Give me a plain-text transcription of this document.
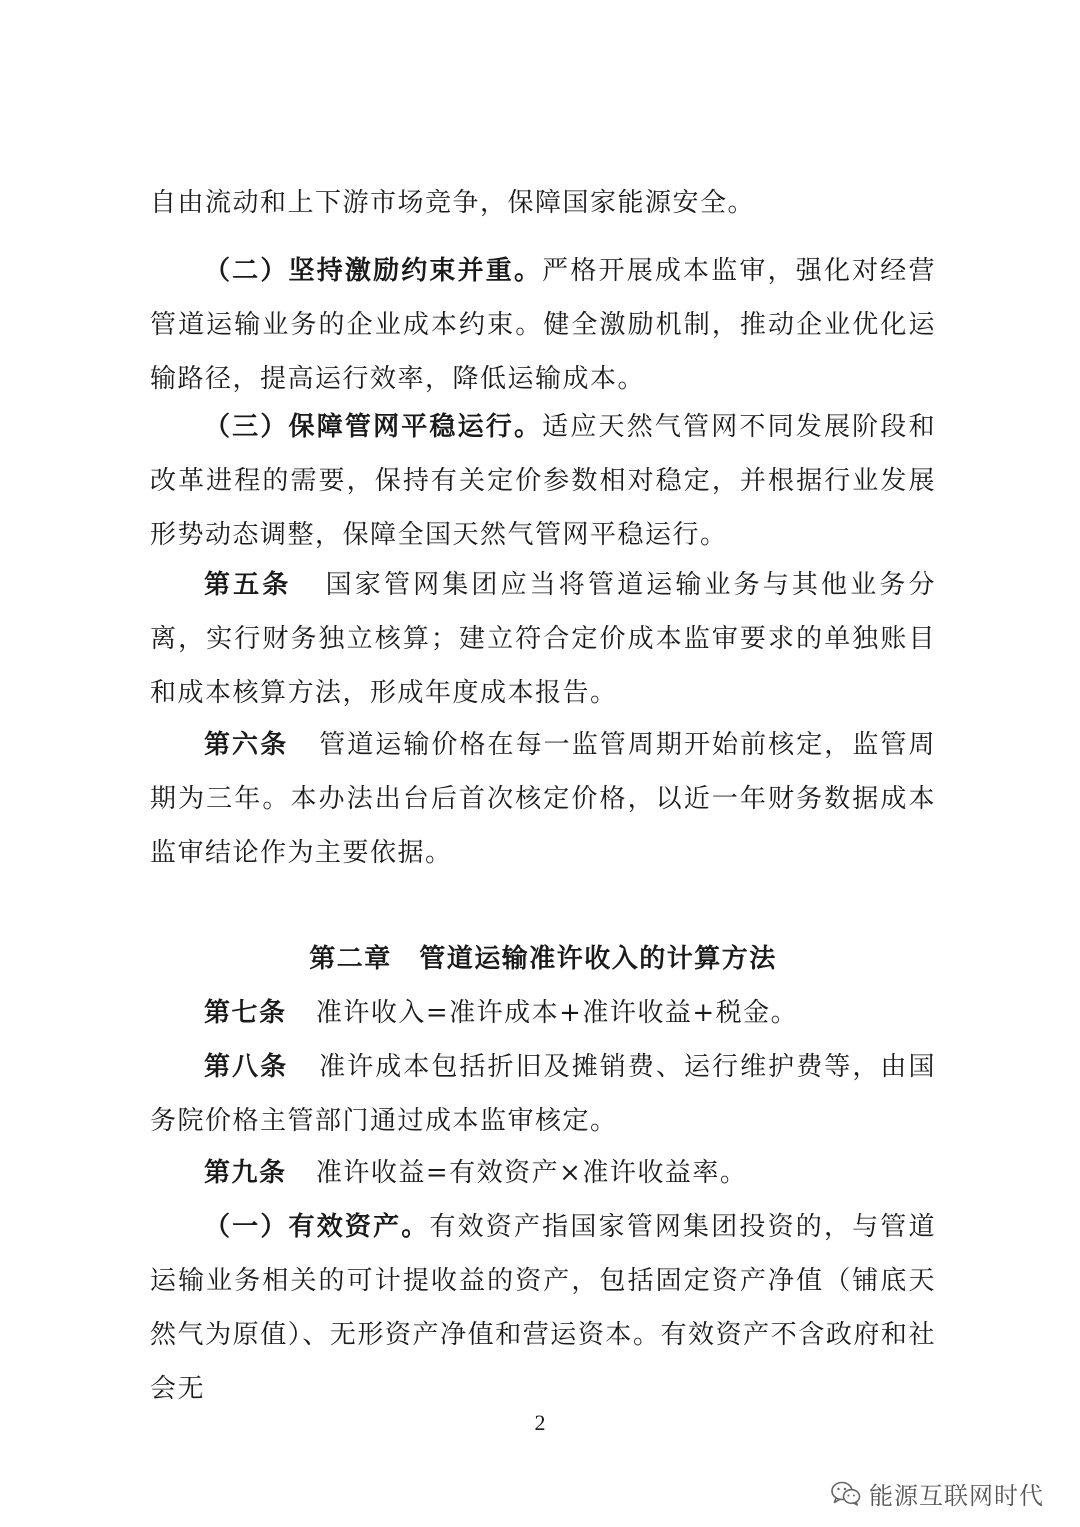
自由流动和上下游市场竞争，保障国家能源安全。

（二）坚持激励约束并重。严格开展成本监审，强化对经营管道运输业务的企业成本约束。健全激励机制，推动企业优化运输路径，提高运行效率，降低运输成本。

（三）保障管网平稳运行。适应天然气管网不同发展阶段和改革进程的需要，保持有关定价参数相对稳定，并根据行业发展形势动态调整，保障全国天然气管网平稳运行。

第五条 国家管网集团应当将管道运输业务与其他业务分离，实行财务独立核算；建立符合定价成本监审要求的单独账目和成本核算方法，形成年度成本报告。

第六条 管道运输价格在每一监管周期开始前核定，监管周期为三年。本办法出台后首次核定价格，以近一年财务数据成本监审结论作为主要依据。

第二章　管道运输准许收入的计算方法

第七条 准许收入=准许成本+准许收益+税金。

第八条 准许成本包括折旧及摊销费、运行维护费等，由国务院价格主管部门通过成本监审核定。

第九条 准许收益=有效资产×准许收益率。

（一）有效资产。有效资产指国家管网集团投资的，与管道运输业务相关的可计提收益的资产，包括固定资产净值（铺底天然气为原值）、无形资产净值和营运资本。有效资产不含政府和社会无

2
能源互联网时代
